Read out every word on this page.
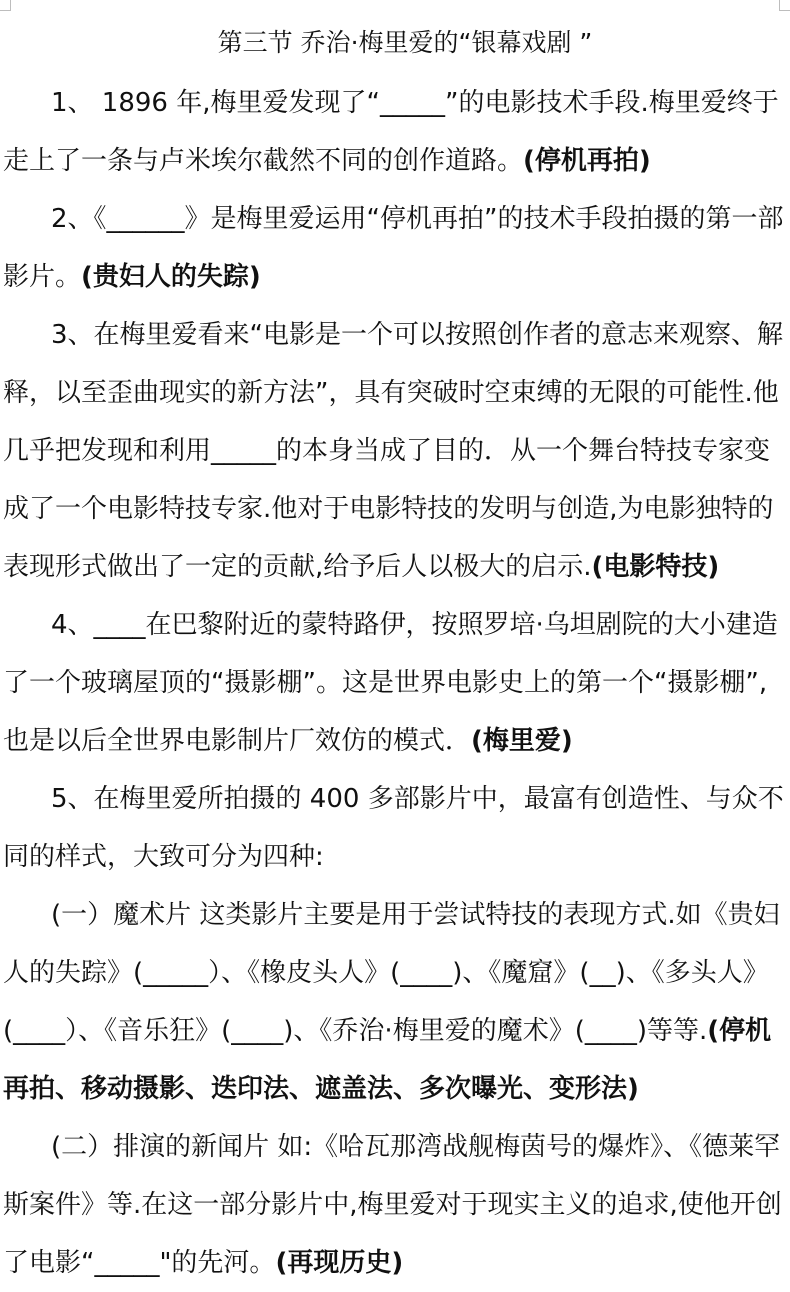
第三节 乔治·梅里爱的“银幕戏剧 ”

1、 1896 年,梅里爱发现了“_____”的电影技术手段.梅里爱终于走上了一条与卢米埃尔截然不同的创作道路。(停机再拍)

2、《______》是梅里爱运用“停机再拍”的技术手段拍摄的第一部影片。(贵妇人的失踪)

3、在梅里爱看来“电影是一个可以按照创作者的意志来观察、解释，以至歪曲现实的新方法”，具有突破时空束缚的无限的可能性.他几乎把发现和利用_____的本身当成了目的．从一个舞台特技专家变成了一个电影特技专家.他对于电影特技的发明与创造,为电影独特的表现形式做出了一定的贡献,给予后人以极大的启示.(电影特技)

4、____在巴黎附近的蒙特路伊，按照罗培·乌坦剧院的大小建造了一个玻璃屋顶的“摄影棚”。这是世界电影史上的第一个“摄影棚”,也是以后全世界电影制片厂效仿的模式．(梅里爱)

5、在梅里爱所拍摄的 400 多部影片中，最富有创造性、与众不同的样式，大致可分为四种:

(一）魔术片 这类影片主要是用于尝试特技的表现方式.如《贵妇人的失踪》(_____）、《橡皮头人》(____)、《魔窟》(__)、《多头人》(____）、《音乐狂》(____)、《乔治·梅里爱的魔术》(____)等等.(停机再拍、移动摄影、迭印法、遮盖法、多次曝光、变形法)

(二）排演的新闻片 如:《哈瓦那湾战舰梅茵号的爆炸》、《德莱罕斯案件》等.在这一部分影片中,梅里爱对于现实主义的追求,使他开创了电影“_____"的先河。(再现历史)
